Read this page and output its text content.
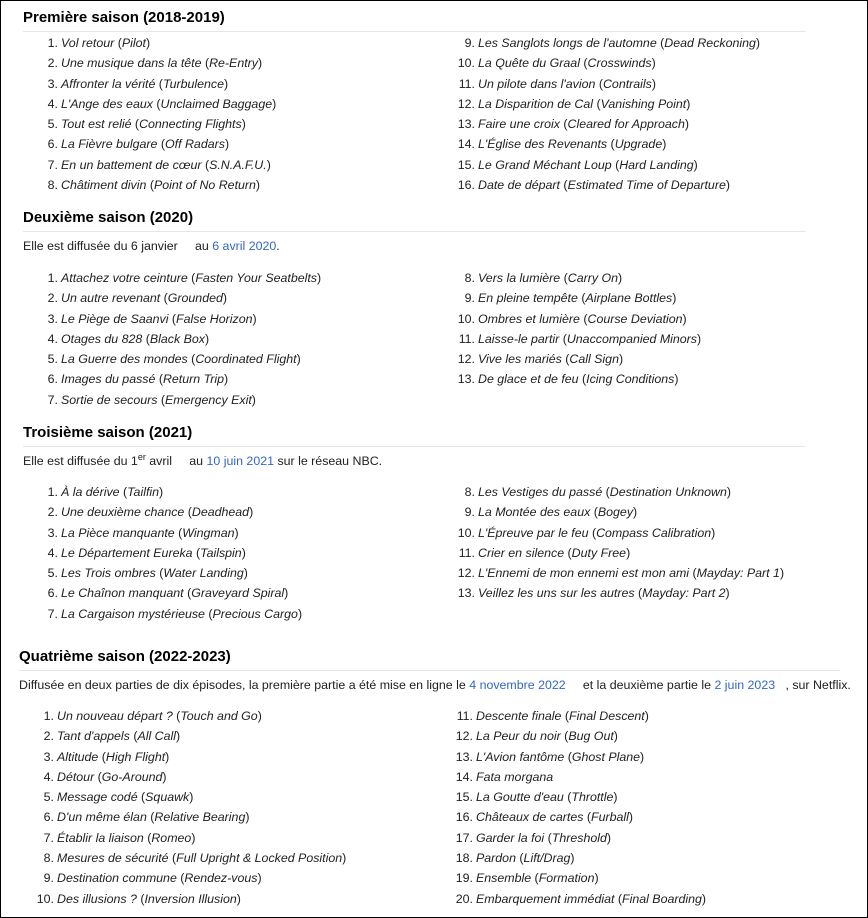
Première saison (2018-2019)
1. Vol retour (Pilot)
2. Une musique dans la tête (Re-Entry)
3. Affronter la vérité (Turbulence)
4. L'Ange des eaux (Unclaimed Baggage)
5. Tout est relié (Connecting Flights)
6. La Fièvre bulgare (Off Radars)
7. En un battement de cœur (S.N.A.F.U.)
8. Châtiment divin (Point of No Return)
9. Les Sanglots longs de l'automne (Dead Reckoning)
10. La Quête du Graal (Crosswinds)
11. Un pilote dans l'avion (Contrails)
12. La Disparition de Cal (Vanishing Point)
13. Faire une croix (Cleared for Approach)
14. L'Église des Revenants (Upgrade)
15. Le Grand Méchant Loup (Hard Landing)
16. Date de départ (Estimated Time of Departure)
Deuxième saison (2020)
Elle est diffusée du 6 janvier au 6 avril 2020.
1. Attachez votre ceinture (Fasten Your Seatbelts)
2. Un autre revenant (Grounded)
3. Le Piège de Saanvi (False Horizon)
4. Otages du 828 (Black Box)
5. La Guerre des mondes (Coordinated Flight)
6. Images du passé (Return Trip)
7. Sortie de secours (Emergency Exit)
8. Vers la lumière (Carry On)
9. En pleine tempête (Airplane Bottles)
10. Ombres et lumière (Course Deviation)
11. Laisse-le partir (Unaccompanied Minors)
12. Vive les mariés (Call Sign)
13. De glace et de feu (Icing Conditions)
Troisième saison (2021)
Elle est diffusée du 1er avril au 10 juin 2021 sur le réseau NBC.
1. À la dérive (Tailfin)
2. Une deuxième chance (Deadhead)
3. La Pièce manquante (Wingman)
4. Le Département Eureka (Tailspin)
5. Les Trois ombres (Water Landing)
6. Le Chaînon manquant (Graveyard Spiral)
7. La Cargaison mystérieuse (Precious Cargo)
8. Les Vestiges du passé (Destination Unknown)
9. La Montée des eaux (Bogey)
10. L'Épreuve par le feu (Compass Calibration)
11. Crier en silence (Duty Free)
12. L'Ennemi de mon ennemi est mon ami (Mayday: Part 1)
13. Veillez les uns sur les autres (Mayday: Part 2)
Quatrième saison (2022-2023)
Diffusée en deux parties de dix épisodes, la première partie a été mise en ligne le 4 novembre 2022 et la deuxième partie le 2 juin 2023 , sur Netflix.
1. Un nouveau départ ? (Touch and Go)
2. Tant d'appels (All Call)
3. Altitude (High Flight)
4. Détour (Go-Around)
5. Message codé (Squawk)
6. D'un même élan (Relative Bearing)
7. Établir la liaison (Romeo)
8. Mesures de sécurité (Full Upright & Locked Position)
9. Destination commune (Rendez-vous)
10. Des illusions ? (Inversion Illusion)
11. Descente finale (Final Descent)
12. La Peur du noir (Bug Out)
13. L'Avion fantôme (Ghost Plane)
14. Fata morgana
15. La Goutte d'eau (Throttle)
16. Châteaux de cartes (Furball)
17. Garder la foi (Threshold)
18. Pardon (Lift/Drag)
19. Ensemble (Formation)
20. Embarquement immédiat (Final Boarding)
